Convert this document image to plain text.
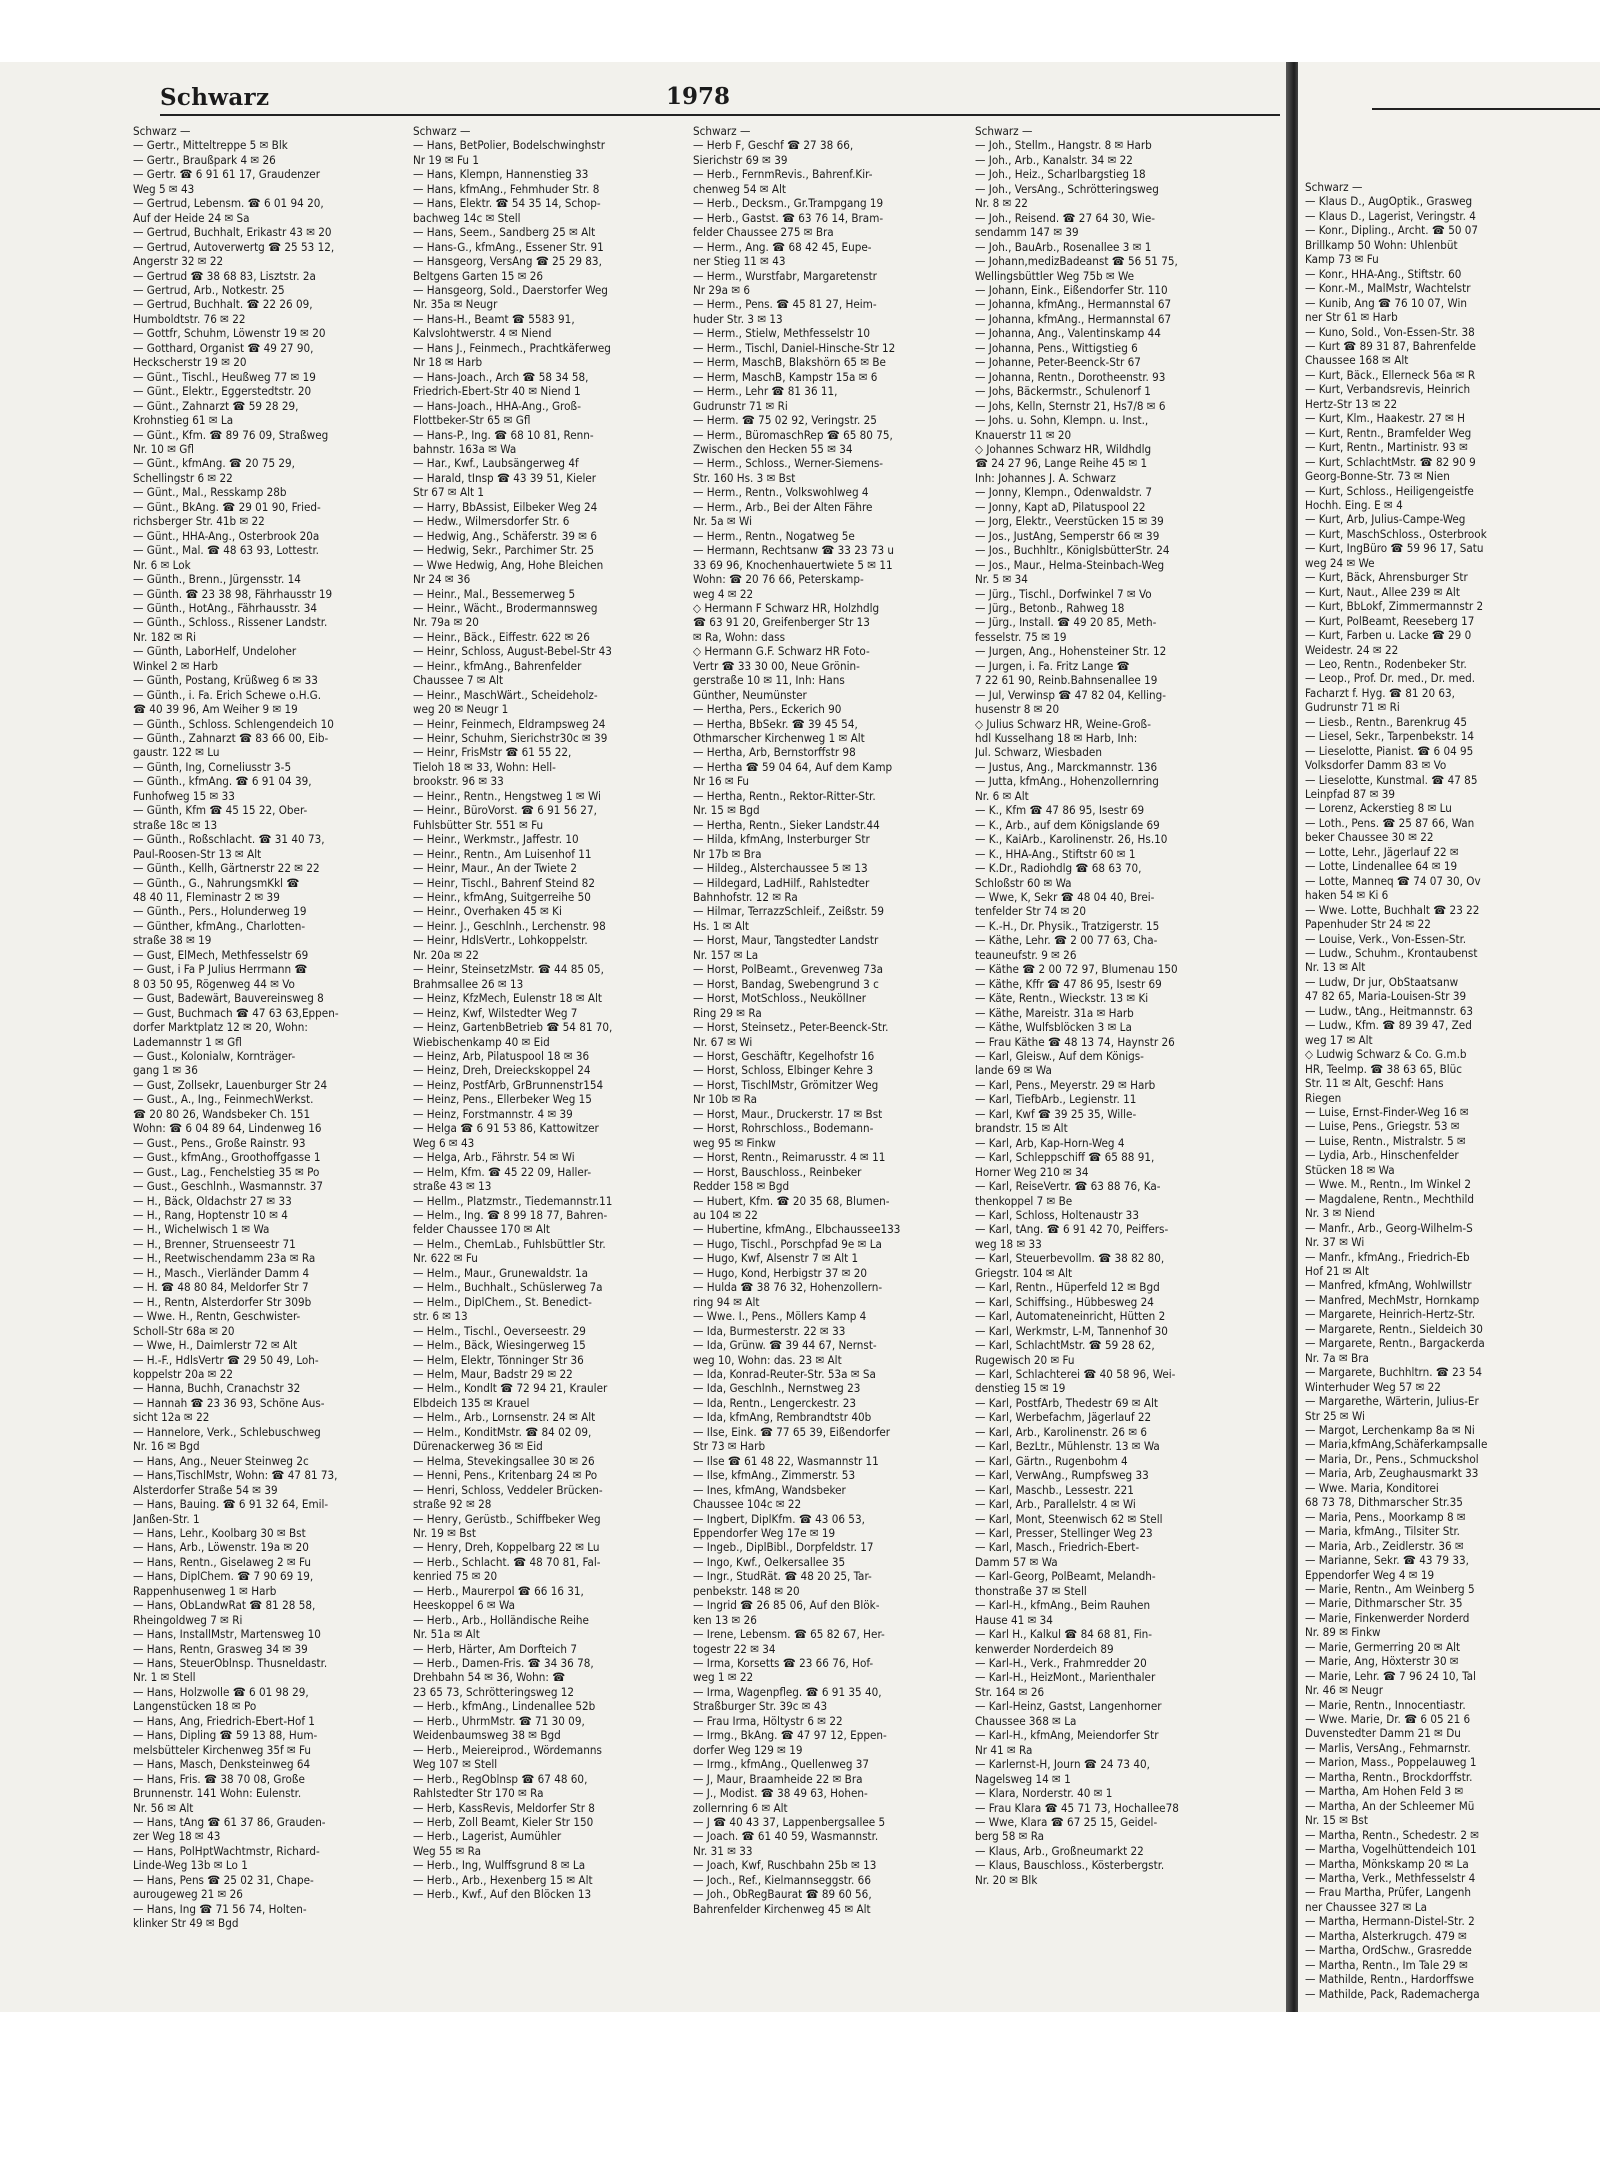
Schwarz —
— Klaus D., AugOptik., Grasweg
— Klaus D., Lagerist, Veringstr. 4
— Konr., Dipling., Archt. ☎ 50 07
Brillkamp 50 Wohn: Uhlenbüt
Kamp 73 ✉ Fu
— Konr., HHA-Ang., Stiftstr. 60
— Konr.-M., MalMstr, Wachtelstr
— Kunib, Ang ☎ 76 10 07, Win
ner Str 61 ✉ Harb
— Kuno, Sold., Von-Essen-Str. 38
— Kurt ☎ 89 31 87, Bahrenfelde
Chaussee 168 ✉ Alt
— Kurt, Bäck., Ellerneck 56a ✉ R
— Kurt, Verbandsrevis, Heinrich
Hertz-Str 13 ✉ 22
— Kurt, Klm., Haakestr. 27 ✉ H
— Kurt, Rentn., Bramfelder Weg
— Kurt, Rentn., Martinistr. 93 ✉
— Kurt, SchlachtMstr. ☎ 82 90 9
Georg-Bonne-Str. 73 ✉ Nien
— Kurt, Schloss., Heiligengeistfe
Hochh. Eing. E ✉ 4
— Kurt, Arb, Julius-Campe-Weg
— Kurt, MaschSchloss., Osterbrook
— Kurt, IngBüro ☎ 59 96 17, Satu
weg 24 ✉ We
— Kurt, Bäck, Ahrensburger Str
— Kurt, Naut., Allee 239 ✉ Alt
— Kurt, BbLokf, Zimmermannstr 2
— Kurt, PolBeamt, Reeseberg 17
— Kurt, Farben u. Lacke ☎ 29 0
Weidestr. 24 ✉ 22
— Leo, Rentn., Rodenbeker Str.
— Leop., Prof. Dr. med., Dr. med.
Facharzt f. Hyg. ☎ 81 20 63,
Gudrunstr 71 ✉ Ri
— Liesb., Rentn., Barenkrug 45
— Liesel, Sekr., Tarpenbekstr. 14
— Lieselotte, Pianist. ☎ 6 04 95
Volksdorfer Damm 83 ✉ Vo
— Lieselotte, Kunstmal. ☎ 47 85
Leinpfad 87 ✉ 39
— Lorenz, Ackerstieg 8 ✉ Lu
— Loth., Pens. ☎ 25 87 66, Wan
beker Chaussee 30 ✉ 22
— Lotte, Lehr., Jägerlauf 22 ✉
— Lotte, Lindenallee 64 ✉ 19
— Lotte, Manneq ☎ 74 07 30, Ov
haken 54 ✉ Ki 6
— Wwe. Lotte, Buchhalt ☎ 23 22
Papenhuder Str 24 ✉ 22
— Louise, Verk., Von-Essen-Str.
— Ludw., Schuhm., Krontaubenst
Nr. 13 ✉ Alt
— Ludw, Dr jur, ObStaatsanw
47 82 65, Maria-Louisen-Str 39
— Ludw., tAng., Heitmannstr. 63
— Ludw., Kfm. ☎ 89 39 47, Zed
weg 17 ✉ Alt
◇ Ludwig Schwarz & Co. G.m.b
HR, Teelmp. ☎ 38 63 65, Blüc
Str. 11 ✉ Alt, Geschf: Hans
Riegen
— Luise, Ernst-Finder-Weg 16 ✉
— Luise, Pens., Griegstr. 53 ✉
— Luise, Rentn., Mistralstr. 5 ✉
— Lydia, Arb., Hinschenfelder
Stücken 18 ✉ Wa
— Wwe. M., Rentn., Im Winkel 2
— Magdalene, Rentn., Mechthild
Nr. 3 ✉ Niend
— Manfr., Arb., Georg-Wilhelm-S
Nr. 37 ✉ Wi
— Manfr., kfmAng., Friedrich-Eb
Hof 21 ✉ Alt
— Manfred, kfmAng, Wohlwillstr
— Manfred, MechMstr, Hornkamp
— Margarete, Heinrich-Hertz-Str.
— Margarete, Rentn., Sieldeich 30
— Margarete, Rentn., Bargackerda
Nr. 7a ✉ Bra
— Margarete, Buchhltrn. ☎ 23 54
Winterhuder Weg 57 ✉ 22
— Margarethe, Wärterin, Julius-Er
Str 25 ✉ Wi
— Margot, Lerchenkamp 8a ✉ Ni
— Maria,kfmAng,Schäferkampsalle
— Maria, Dr., Pens., Schmuckshol
— Maria, Arb, Zeughausmarkt 33
— Wwe. Maria, Konditorei
68 73 78, Dithmarscher Str.35
— Maria, Pens., Moorkamp 8 ✉
— Maria, kfmAng., Tilsiter Str.
— Maria, Arb., Zeidlerstr. 36 ✉
— Marianne, Sekr. ☎ 43 79 33,
Eppendorfer Weg 4 ✉ 19
— Marie, Rentn., Am Weinberg 5
— Marie, Dithmarscher Str. 35
— Marie, Finkenwerder Norderd
Nr. 89 ✉ Finkw
— Marie, Germerring 20 ✉ Alt
— Marie, Ang, Höxterstr 30 ✉
— Marie, Lehr. ☎ 7 96 24 10, Tal
Nr. 46 ✉ Neugr
— Marie, Rentn., Innocentiastr.
— Wwe. Marie, Dr. ☎ 6 05 21 6
Duvenstedter Damm 21 ✉ Du
— Marlis, VersAng., Fehmarnstr.
— Marion, Mass., Poppelauweg 1
— Martha, Rentn., Brockdorffstr.
— Martha, Am Hohen Feld 3 ✉
— Martha, An der Schleemer Mü
Nr. 15 ✉ Bst
— Martha, Rentn., Schedestr. 2 ✉
— Martha, Vogelhüttendeich 101
— Martha, Mönkskamp 20 ✉ La
— Martha, Verk., Methfesselstr 4
— Frau Martha, Prüfer, Langenh
ner Chaussee 327 ✉ La
— Martha, Hermann-Distel-Str. 2
— Martha, Alsterkrugch. 479 ✉
— Martha, OrdSchw., Grasredde
— Martha, Rentn., Im Tale 29 ✉
— Mathilde, Rentn., Hardorffswe
— Mathilde, Pack, Rademacherga
Schwarz	1978
Schwarz —
— Gertr., Mitteltreppe 5 ✉ Blk
— Gertr., Braußpark 4 ✉ 26
— Gertr. ☎ 6 91 61 17, Graudenzer
Weg 5 ✉ 43
— Gertrud, Lebensm. ☎ 6 01 94 20,
Auf der Heide 24 ✉ Sa
— Gertrud, Buchhalt, Erikastr 43 ✉ 20
— Gertrud, Autoverwertg ☎ 25 53 12,
Angerstr 32 ✉ 22
— Gertrud ☎ 38 68 83, Lisztstr. 2a
— Gertrud, Arb., Notkestr. 25
— Gertrud, Buchhalt. ☎ 22 26 09,
Humboldtstr. 76 ✉ 22
— Gottfr, Schuhm, Löwenstr 19 ✉ 20
— Gotthard, Organist ☎ 49 27 90,
Heckscherstr 19 ✉ 20
— Günt., Tischl., Heußweg 77 ✉ 19
— Günt., Elektr., Eggerstedtstr. 20
— Günt., Zahnarzt ☎ 59 28 29,
Krohnstieg 61 ✉ La
— Günt., Kfm. ☎ 89 76 09, Straßweg
Nr. 10 ✉ Gfl
— Günt., kfmAng. ☎ 20 75 29,
Schellingstr 6 ✉ 22
— Günt., Mal., Resskamp 28b
— Günt., BkAng. ☎ 29 01 90, Fried-
richsberger Str. 41b ✉ 22
— Günt., HHA-Ang., Osterbrook 20a
— Günt., Mal. ☎ 48 63 93, Lottestr.
Nr. 6 ✉ Lok
— Günth., Brenn., Jürgensstr. 14
— Günth. ☎ 23 38 98, Fährhausstr 19
— Günth., HotAng., Fährhausstr. 34
— Günth., Schloss., Rissener Landstr.
Nr. 182 ✉ Ri
— Günth, LaborHelf, Undeloher
Winkel 2 ✉ Harb
— Günth, Postang, Krüßweg 6 ✉ 33
— Günth., i. Fa. Erich Schewe o.H.G.
☎ 40 39 96, Am Weiher 9 ✉ 19
— Günth., Schloss. Schlengendeich 10
— Günth., Zahnarzt ☎ 83 66 00, Eib-
gaustr. 122 ✉ Lu
— Günth, Ing, Corneliusstr 3-5
— Günth., kfmAng. ☎ 6 91 04 39,
Funhofweg 15 ✉ 33
— Günth, Kfm ☎ 45 15 22, Ober-
straße 18c ✉ 13
— Günth., Roßschlacht. ☎ 31 40 73,
Paul-Roosen-Str 13 ✉ Alt
— Günth., Kellh, Gärtnerstr 22 ✉ 22
— Günth., G., NahrungsmKkl ☎
48 40 11, Fleminastr 2 ✉ 39
— Günth., Pers., Holunderweg 19
— Günther, kfmAng., Charlotten-
straße 38 ✉ 19
— Gust, ElMech, Methfesselstr 69
— Gust, i Fa P Julius Herrmann ☎
8 03 50 95, Rögenweg 44 ✉ Vo
— Gust, Badewärt, Bauvereinsweg 8
— Gust, Buchmach ☎ 47 63 63,Eppen-
dorfer Marktplatz 12 ✉ 20, Wohn:
Lademannstr 1 ✉ Gfl
— Gust., Kolonialw, Kornträger-
gang 1 ✉ 36
— Gust, Zollsekr, Lauenburger Str 24
— Gust., A., Ing., FeinmechWerkst.
☎ 20 80 26, Wandsbeker Ch. 151
Wohn: ☎ 6 04 89 64, Lindenweg 16
— Gust., Pens., Große Rainstr. 93
— Gust., kfmAng., Groothoffgasse 1
— Gust., Lag., Fenchelstieg 35 ✉ Po
— Gust., Geschlnh., Wasmannstr. 37
— H., Bäck, Oldachstr 27 ✉ 33
— H., Rang, Hoptenstr 10 ✉ 4
— H., Wichelwisch 1 ✉ Wa
— H., Brenner, Struenseestr 71
— H., Reetwischendamm 23a ✉ Ra
— H., Masch., Vierländer Damm 4
— H. ☎ 48 80 84, Meldorfer Str 7
— H., Rentn, Alsterdorfer Str 309b
— Wwe. H., Rentn, Geschwister-
Scholl-Str 68a ✉ 20
— Wwe, H., Daimlerstr 72 ✉ Alt
— H.-F., HdlsVertr ☎ 29 50 49, Loh-
koppelstr 20a ✉ 22
— Hanna, Buchh, Cranachstr 32
— Hannah ☎ 23 36 93, Schöne Aus-
sicht 12a ✉ 22
— Hannelore, Verk., Schlebuschweg
Nr. 16 ✉ Bgd
— Hans, Ang., Neuer Steinweg 2c
— Hans,TischlMstr, Wohn: ☎ 47 81 73,
Alsterdorfer Straße 54 ✉ 39
— Hans, Bauing. ☎ 6 91 32 64, Emil-
Janßen-Str. 1
— Hans, Lehr., Koolbarg 30 ✉ Bst
— Hans, Arb., Löwenstr. 19a ✉ 20
— Hans, Rentn., Giselaweg 2 ✉ Fu
— Hans, DiplChem. ☎ 7 90 69 19,
Rappenhusenweg 1 ✉ Harb
— Hans, ObLandwRat ☎ 81 28 58,
Rheingoldweg 7 ✉ Ri
— Hans, InstallMstr, Martensweg 10
— Hans, Rentn, Grasweg 34 ✉ 39
— Hans, SteuerOblnsp. Thusneldastr.
Nr. 1 ✉ Stell
— Hans, Holzwolle ☎ 6 01 98 29,
Langenstücken 18 ✉ Po
— Hans, Ang, Friedrich-Ebert-Hof 1
— Hans, Dipling ☎ 59 13 88, Hum-
melsbütteler Kirchenweg 35f ✉ Fu
— Hans, Masch, Denksteinweg 64
— Hans, Fris. ☎ 38 70 08, Große
Brunnenstr. 141 Wohn: Eulenstr.
Nr. 56 ✉ Alt
— Hans, tAng ☎ 61 37 86, Grauden-
zer Weg 18 ✉ 43
— Hans, PolHptWachtmstr, Richard-
Linde-Weg 13b ✉ Lo 1
— Hans, Pens ☎ 25 02 31, Chape-
aurougeweg 21 ✉ 26
— Hans, Ing ☎ 71 56 74, Holten-
klinker Str 49 ✉ Bgd
Schwarz —
— Hans, BetPolier, Bodelschwinghstr
Nr 19 ✉ Fu 1
— Hans, Klempn, Hannenstieg 33
— Hans, kfmAng., Fehmhuder Str. 8
— Hans, Elektr. ☎ 54 35 14, Schop-
bachweg 14c ✉ Stell
— Hans, Seem., Sandberg 25 ✉ Alt
— Hans-G., kfmAng., Essener Str. 91
— Hansgeorg, VersAng ☎ 25 29 83,
Beltgens Garten 15 ✉ 26
— Hansgeorg, Sold., Daerstorfer Weg
Nr. 35a ✉ Neugr
— Hans-H., Beamt ☎ 5583 91,
Kalvslohtwerstr. 4 ✉ Niend
— Hans J., Feinmech., Prachtkäferweg
Nr 18 ✉ Harb
— Hans-Joach., Arch ☎ 58 34 58,
Friedrich-Ebert-Str 40 ✉ Niend 1
— Hans-Joach., HHA-Ang., Groß-
Flottbeker-Str 65 ✉ Gfl
— Hans-P., Ing. ☎ 68 10 81, Renn-
bahnstr. 163a ✉ Wa
— Har., Kwf., Laubsängerweg 4f
— Harald, tInsp ☎ 43 39 51, Kieler
Str 67 ✉ Alt 1
— Harry, BbAssist, Eilbeker Weg 24
— Hedw., Wilmersdorfer Str. 6
— Hedwig, Ang., Schäferstr. 39 ✉ 6
— Hedwig, Sekr., Parchimer Str. 25
— Wwe Hedwig, Ang, Hohe Bleichen
Nr 24 ✉ 36
— Heinr., Mal., Bessemerweg 5
— Heinr., Wächt., Brodermannsweg
Nr. 79a ✉ 20
— Heinr., Bäck., Eiffestr. 622 ✉ 26
— Heinr, Schloss, August-Bebel-Str 43
— Heinr., kfmAng., Bahrenfelder
Chaussee 7 ✉ Alt
— Heinr., MaschWärt., Scheideholz-
weg 20 ✉ Neugr 1
— Heinr, Feinmech, Eldrampsweg 24
— Heinr, Schuhm, Sierichstr30c ✉ 39
— Heinr, FrisMstr ☎ 61 55 22,
Tieloh 18 ✉ 33, Wohn: Hell-
brookstr. 96 ✉ 33
— Heinr., Rentn., Hengstweg 1 ✉ Wi
— Heinr., BüroVorst. ☎ 6 91 56 27,
Fuhlsbütter Str. 551 ✉ Fu
— Heinr., Werkmstr., Jaffestr. 10
— Heinr., Rentn., Am Luisenhof 11
— Heinr, Maur., An der Twiete 2
— Heinr, Tischl., Bahrenf Steind 82
— Heinr., kfmAng, Suitgerreihe 50
— Heinr., Overhaken 45 ✉ Ki
— Heinr. J., Geschlnh., Lerchenstr. 98
— Heinr, HdlsVertr., Lohkoppelstr.
Nr. 20a ✉ 22
— Heinr, SteinsetzMstr. ☎ 44 85 05,
Brahmsallee 26 ✉ 13
— Heinz, KfzMech, Eulenstr 18 ✉ Alt
— Heinz, Kwf, Wilstedter Weg 7
— Heinz, GartenbBetrieb ☎ 54 81 70,
Wiebischenkamp 40 ✉ Eid
— Heinz, Arb, Pilatuspool 18 ✉ 36
— Heinz, Dreh, Dreieckskoppel 24
— Heinz, PostfArb, GrBrunnenstr154
— Heinz, Pens., Ellerbeker Weg 15
— Heinz, Forstmannstr. 4 ✉ 39
— Helga ☎ 6 91 53 86, Kattowitzer
Weg 6 ✉ 43
— Helga, Arb., Fährstr. 54 ✉ Wi
— Helm, Kfm. ☎ 45 22 09, Haller-
straße 43 ✉ 13
— Hellm., Platzmstr., Tiedemannstr.11
— Helm., Ing. ☎ 8 99 18 77, Bahren-
felder Chaussee 170 ✉ Alt
— Helm., ChemLab., Fuhlsbüttler Str.
Nr. 622 ✉ Fu
— Helm., Maur., Grunewaldstr. 1a
— Helm., Buchhalt., Schüslerweg 7a
— Helm., DiplChem., St. Benedict-
str. 6 ✉ 13
— Helm., Tischl., Oeverseestr. 29
— Helm., Bäck, Wiesingerweg 15
— Helm, Elektr, Tönninger Str 36
— Helm, Maur, Badstr 29 ✉ 22
— Helm., Kondlt ☎ 72 94 21, Krauler
Elbdeich 135 ✉ Krauel
— Helm., Arb., Lornsenstr. 24 ✉ Alt
— Helm., KonditMstr. ☎ 84 02 09,
Dürenackerweg 36 ✉ Eid
— Helma, Stevekingsallee 30 ✉ 26
— Henni, Pens., Kritenbarg 24 ✉ Po
— Henri, Schloss, Veddeler Brücken-
straße 92 ✉ 28
— Henry, Gerüstb., Schiffbeker Weg
Nr. 19 ✉ Bst
— Henry, Dreh, Koppelbarg 22 ✉ Lu
— Herb., Schlacht. ☎ 48 70 81, Fal-
kenried 75 ✉ 20
— Herb., Maurerpol ☎ 66 16 31,
Heeskoppel 6 ✉ Wa
— Herb., Arb., Holländische Reihe
Nr. 51a ✉ Alt
— Herb, Härter, Am Dorfteich 7
— Herb., Damen-Fris. ☎ 34 36 78,
Drehbahn 54 ✉ 36, Wohn: ☎
23 65 73, Schrötteringsweg 12
— Herb., kfmAng., Lindenallee 52b
— Herb., UhrmMstr. ☎ 71 30 09,
Weidenbaumsweg 38 ✉ Bgd
— Herb., Meiereiprod., Wördemanns
Weg 107 ✉ Stell
— Herb., RegOblnsp ☎ 67 48 60,
Rahlstedter Str 170 ✉ Ra
— Herb, KassRevis, Meldorfer Str 8
— Herb, Zoll Beamt, Kieler Str 150
— Herb., Lagerist, Aumühler
Weg 55 ✉ Ra
— Herb., Ing, Wulffsgrund 8 ✉ La
— Herb., Arb., Hexenberg 15 ✉ Alt
— Herb., Kwf., Auf den Blöcken 13
Schwarz —
— Herb F, Geschf ☎ 27 38 66,
Sierichstr 69 ✉ 39
— Herb., FernmRevis., Bahrenf.Kir-
chenweg 54 ✉ Alt
— Herb., Decksm., Gr.Trampgang 19
— Herb., Gastst. ☎ 63 76 14, Bram-
felder Chaussee 275 ✉ Bra
— Herm., Ang. ☎ 68 42 45, Eupe-
ner Stieg 11 ✉ 43
— Herm., Wurstfabr, Margaretenstr
Nr 29a ✉ 6
— Herm., Pens. ☎ 45 81 27, Heim-
huder Str. 3 ✉ 13
— Herm., Stielw, Methfesselstr 10
— Herm., Tischl, Daniel-Hinsche-Str 12
— Herm, MaschB, Blakshörn 65 ✉ Be
— Herm, MaschB, Kampstr 15a ✉ 6
— Herm., Lehr ☎ 81 36 11,
Gudrunstr 71 ✉ Ri
— Herm. ☎ 75 02 92, Veringstr. 25
— Herm., BüromaschRep ☎ 65 80 75,
Zwischen den Hecken 55 ✉ 34
— Herm., Schloss., Werner-Siemens-
Str. 160 Hs. 3 ✉ Bst
— Herm., Rentn., Volkswohlweg 4
— Herm., Arb., Bei der Alten Fähre
Nr. 5a ✉ Wi
— Herm., Rentn., Nogatweg 5e
— Hermann, Rechtsanw ☎ 33 23 73 u
33 69 96, Knochenhauertwiete 5 ✉ 11
Wohn: ☎ 20 76 66, Peterskamp-
weg 4 ✉ 22
◇ Hermann F Schwarz HR, Holzhdlg
☎ 63 91 20, Greifenberger Str 13
✉ Ra, Wohn: dass
◇ Hermann G.F. Schwarz HR Foto-
Vertr ☎ 33 30 00, Neue Grönin-
gerstraße 10 ✉ 11, Inh: Hans
Günther, Neumünster
— Hertha, Pers., Eckerich 90
— Hertha, BbSekr. ☎ 39 45 54,
Othmarscher Kirchenweg 1 ✉ Alt
— Hertha, Arb, Bernstorffstr 98
— Hertha ☎ 59 04 64, Auf dem Kamp
Nr 16 ✉ Fu
— Hertha, Rentn., Rektor-Ritter-Str.
Nr. 15 ✉ Bgd
— Hertha, Rentn., Sieker Landstr.44
— Hilda, kfmAng, Insterburger Str
Nr 17b ✉ Bra
— Hildeg., Alsterchaussee 5 ✉ 13
— Hildegard, LadHilf., Rahlstedter
Bahnhofstr. 12 ✉ Ra
— Hilmar, TerrazzSchleif., Zeißstr. 59
Hs. 1 ✉ Alt
— Horst, Maur, Tangstedter Landstr
Nr. 157 ✉ La
— Horst, PolBeamt., Grevenweg 73a
— Horst, Bandag, Swebengrund 3 c
— Horst, MotSchloss., NeukölIner
Ring 29 ✉ Ra
— Horst, Steinsetz., Peter-Beenck-Str.
Nr. 67 ✉ Wi
— Horst, Geschäftr, Kegelhofstr 16
— Horst, Schloss, Elbinger Kehre 3
— Horst, TischlMstr, Grömitzer Weg
Nr 10b ✉ Ra
— Horst, Maur., Druckerstr. 17 ✉ Bst
— Horst, Rohrschloss., Bodemann-
weg 95 ✉ Finkw
— Horst, Rentn., Reimarusstr. 4 ✉ 11
— Horst, Bauschloss., Reinbeker
Redder 158 ✉ Bgd
— Hubert, Kfm. ☎ 20 35 68, Blumen-
au 104 ✉ 22
— Hubertine, kfmAng., Elbchaussee133
— Hugo, Tischl., Porschpfad 9e ✉ La
— Hugo, Kwf, Alsenstr 7 ✉ Alt 1
— Hugo, Kond, Herbigstr 37 ✉ 20
— Hulda ☎ 38 76 32, Hohenzollern-
ring 94 ✉ Alt
— Wwe. I., Pens., Möllers Kamp 4
— Ida, Burmesterstr. 22 ✉ 33
— Ida, Grünw. ☎ 39 44 67, Nernst-
weg 10, Wohn: das. 23 ✉ Alt
— Ida, Konrad-Reuter-Str. 53a ✉ Sa
— Ida, Geschlnh., Nernstweg 23
— Ida, Rentn., Lengerckestr. 23
— Ida, kfmAng, Rembrandtstr 40b
— Ilse, Eink. ☎ 77 65 39, Eißendorfer
Str 73 ✉ Harb
— Ilse ☎ 61 48 22, Wasmannstr 11
— Ilse, kfmAng., Zimmerstr. 53
— Ines, kfmAng, Wandsbeker
Chaussee 104c ✉ 22
— Ingbert, DiplKfm. ☎ 43 06 53,
Eppendorfer Weg 17e ✉ 19
— Ingeb., DiplBibl., Dorpfeldstr. 17
— Ingo, Kwf., Oelkersallee 35
— Ingr., StudRät. ☎ 48 20 25, Tar-
penbekstr. 148 ✉ 20
— Ingrid ☎ 26 85 06, Auf den Blök-
ken 13 ✉ 26
— Irene, Lebensm. ☎ 65 82 67, Her-
togestr 22 ✉ 34
— Irma, Korsetts ☎ 23 66 76, Hof-
weg 1 ✉ 22
— Irma, Wagenpfleg. ☎ 6 91 35 40,
Straßburger Str. 39c ✉ 43
— Frau Irma, Höltystr 6 ✉ 22
— Irmg., BkAng. ☎ 47 97 12, Eppen-
dorfer Weg 129 ✉ 19
— Irmg., kfmAng., Quellenweg 37
— J, Maur, Braamheide 22 ✉ Bra
— J., Modist. ☎ 38 49 63, Hohen-
zollernring 6 ✉ Alt
— J ☎ 40 43 37, Lappenbergsallee 5
— Joach. ☎ 61 40 59, Wasmannstr.
Nr. 31 ✉ 33
— Joach, Kwf, Ruschbahn 25b ✉ 13
— Joch., Ref., Kielmannseggstr. 66
— Joh., ObRegBaurat ☎ 89 60 56,
Bahrenfelder Kirchenweg 45 ✉ Alt
Schwarz —
— Joh., Stellm., Hangstr. 8 ✉ Harb
— Joh., Arb., Kanalstr. 34 ✉ 22
— Joh., Heiz., Scharlbargstieg 18
— Joh., VersAng., Schrötteringsweg
Nr. 8 ✉ 22
— Joh., Reisend. ☎ 27 64 30, Wie-
sendamm 147 ✉ 39
— Joh., BauArb., Rosenallee 3 ✉ 1
— Johann,medizBadeanst ☎ 56 51 75,
Wellingsbüttler Weg 75b ✉ We
— Johann, Eink., Eißendorfer Str. 110
— Johanna, kfmAng., Hermannstal 67
— Johanna, kfmAng., Hermannstal 67
— Johanna, Ang., Valentinskamp 44
— Johanna, Pens., Wittigstieg 6
— Johanne, Peter-Beenck-Str 67
— Johanna, Rentn., Dorotheenstr. 93
— Johs, Bäckermstr., Schulenorf 1
— Johs, Kelln, Sternstr 21, Hs7/8 ✉ 6
— Johs. u. Sohn, Klempn. u. Inst.,
Knauerstr 11 ✉ 20
◇ Johannes Schwarz HR, Wildhdlg
☎ 24 27 96, Lange Reihe 45 ✉ 1
Inh: Johannes J. A. Schwarz
— Jonny, Klempn., Odenwaldstr. 7
— Jonny, Kapt aD, Pilatuspool 22
— Jorg, Elektr., Veerstücken 15 ✉ 39
— Jos., JustAng, Semperstr 66 ✉ 39
— Jos., Buchhltr., KöniglsbütterStr. 24
— Jos., Maur., Helma-Steinbach-Weg
Nr. 5 ✉ 34
— Jürg., Tischl., Dorfwinkel 7 ✉ Vo
— Jürg., Betonb., Rahweg 18
— Jürg., Install. ☎ 49 20 85, Meth-
fesselstr. 75 ✉ 19
— Jurgen, Ang., Hohensteiner Str. 12
— Jurgen, i. Fa. Fritz Lange ☎
7 22 61 90, Reinb.Bahnsenallee 19
— Jul, Verwinsp ☎ 47 82 04, Kelling-
husenstr 8 ✉ 20
◇ Julius Schwarz HR, Weine-Groß-
hdl Kusselhang 18 ✉ Harb, Inh:
Jul. Schwarz, Wiesbaden
— Justus, Ang., Marckmannstr. 136
— Jutta, kfmAng., Hohenzollernring
Nr. 6 ✉ Alt
— K., Kfm ☎ 47 86 95, Isestr 69
— K., Arb., auf dem Königslande 69
— K., KaiArb., Karolinenstr. 26, Hs.10
— K., HHA-Ang., Stiftstr 60 ✉ 1
— K.Dr., Radiohdlg ☎ 68 63 70,
Schloßstr 60 ✉ Wa
— Wwe, K, Sekr ☎ 48 04 40, Brei-
tenfelder Str 74 ✉ 20
— K.-H., Dr. Physik., Tratzigerstr. 15
— Käthe, Lehr. ☎ 2 00 77 63, Cha-
teauneufstr. 9 ✉ 26
— Käthe ☎ 2 00 72 97, Blumenau 150
— Käthe, Kffr ☎ 47 86 95, Isestr 69
— Käte, Rentn., Wieckstr. 13 ✉ Ki
— Käthe, Mareistr. 31a ✉ Harb
— Käthe, Wulfsblöcken 3 ✉ La
— Frau Käthe ☎ 48 13 74, Haynstr 26
— Karl, Gleisw., Auf dem Königs-
lande 69 ✉ Wa
— Karl, Pens., Meyerstr. 29 ✉ Harb
— Karl, TiefbArb., Legienstr. 11
— Karl, Kwf ☎ 39 25 35, Wille-
brandstr. 15 ✉ Alt
— Karl, Arb, Kap-Horn-Weg 4
— Karl, Schleppschiff ☎ 65 88 91,
Horner Weg 210 ✉ 34
— Karl, ReiseVertr. ☎ 63 88 76, Ka-
thenkoppel 7 ✉ Be
— Karl, Schloss, Holtenaustr 33
— Karl, tAng. ☎ 6 91 42 70, Peiffers-
weg 18 ✉ 33
— Karl, Steuerbevollm. ☎ 38 82 80,
Griegstr. 104 ✉ Alt
— Karl, Rentn., Hüperfeld 12 ✉ Bgd
— Karl, Schiffsing., Hübbesweg 24
— Karl, Automateneinricht, Hütten 2
— Karl, Werkmstr, L-M, Tannenhof 30
— Karl, SchlachtMstr. ☎ 59 28 62,
Rugewisch 20 ✉ Fu
— Karl, Schlachterei ☎ 40 58 96, Wei-
denstieg 15 ✉ 19
— Karl, PostfArb, Thedestr 69 ✉ Alt
— Karl, Werbefachm, Jägerlauf 22
— Karl, Arb., Karolinenstr. 26 ✉ 6
— Karl, BezLtr., Mühlenstr. 13 ✉ Wa
— Karl, Gärtn., Rugenbohm 4
— Karl, VerwAng., Rumpfsweg 33
— Karl, Maschb., Lessestr. 221
— Karl, Arb., Parallelstr. 4 ✉ Wi
— Karl, Mont, Steenwisch 62 ✉ Stell
— Karl, Presser, Stellinger Weg 23
— Karl, Masch., Friedrich-Ebert-
Damm 57 ✉ Wa
— Karl-Georg, PolBeamt, Melandh-
thonstraße 37 ✉ Stell
— Karl-H., kfmAng., Beim Rauhen
Hause 41 ✉ 34
— Karl H., Kalkul ☎ 84 68 81, Fin-
kenwerder Norderdeich 89
— Karl-H., Verk., Frahmredder 20
— Karl-H., HeizMont., Marienthaler
Str. 164 ✉ 26
— Karl-Heinz, Gastst, Langenhorner
Chaussee 368 ✉ La
— Karl-H., kfmAng, Meiendorfer Str
Nr 41 ✉ Ra
— Karlernst-H, Journ ☎ 24 73 40,
Nagelsweg 14 ✉ 1
— Klara, Norderstr. 40 ✉ 1
— Frau Klara ☎ 45 71 73, Hochallee78
— Wwe, Klara ☎ 67 25 15, Geidel-
berg 58 ✉ Ra
— Klaus, Arb., Großneumarkt 22
— Klaus, Bauschloss., Kösterbergstr.
Nr. 20 ✉ Blk
